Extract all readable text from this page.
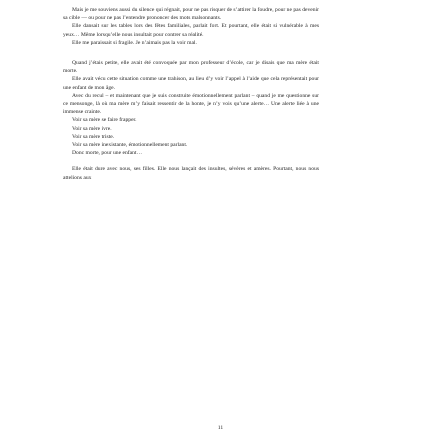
Mais je me souviens aussi du silence qui régnait, pour ne pas risquer de s’attirer la foudre, pour ne pas devenir sa cible — ou pour ne pas l’entendre prononcer des mots malsonnants.

Elle dansait sur les tables lors des fêtes familiales, parlait fort. Et pourtant, elle était si vulnérable à mes yeux… Même lorsqu’elle nous insultait pour contrer sa réalité.

Elle me paraissait si fragile. Je n’aimais pas la voir mal.

Quand j’étais petite, elle avait été convoquée par mon professeur d’école, car je disais que ma mère était morte.

Elle avait vécu cette situation comme une trahison, au lieu d’y voir l’appel à l’aide que cela représentait pour une enfant de mon âge.

Avec du recul – et maintenant que je suis construite émotionnellement parlant – quand je me questionne sur ce mensonge, là où ma mère m’y faisait ressentir de la honte, je n’y vois qu’une alerte… Une alerte liée à une immense crainte.

Voir sa mère se faire frapper.

Voir sa mère ivre.

Voir sa mère triste.

Voir sa mère inexistante, émotionnellement parlant.

Donc morte, pour une enfant…

Elle était dure avec nous, ses filles. Elle nous lançait des insultes, sévères et amères. Pourtant, nous nous attelions aux

11
